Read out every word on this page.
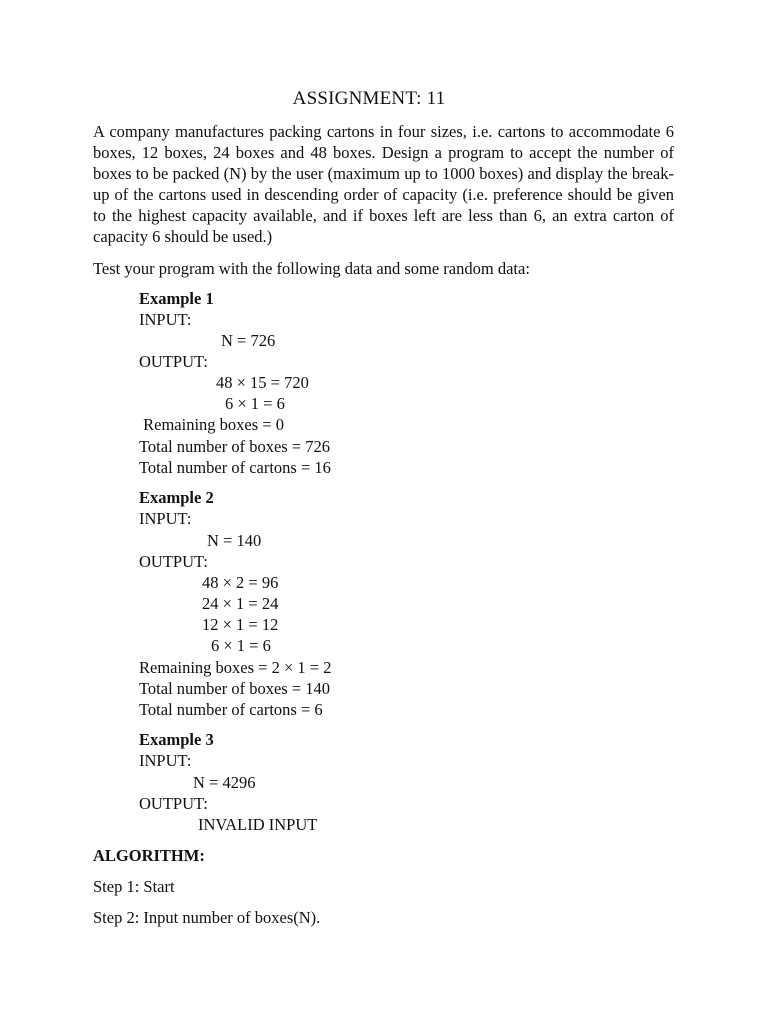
ASSIGNMENT: 11

A company manufactures packing cartons in four sizes, i.e. cartons to accommodate 6 boxes, 12 boxes, 24 boxes and 48 boxes. Design a program to accept the number of boxes to be packed (N) by the user (maximum up to 1000 boxes) and display the break-up of the cartons used in descending order of capacity (i.e. preference should be given to the highest capacity available, and if boxes left are less than 6, an extra carton of capacity 6 should be used.)

Test your program with the following data and some random data:

Example 1
INPUT:
N = 726
OUTPUT:
48 × 15 = 720
6 × 1 = 6
Remaining boxes = 0
Total number of boxes = 726
Total number of cartons = 16
Example 2
INPUT:
N = 140
OUTPUT:
48 × 2 = 96
24 × 1 = 24
12 × 1 = 12
6 × 1 = 6
Remaining boxes = 2 × 1 = 2
Total number of boxes = 140
Total number of cartons = 6
Example 3
INPUT:
N = 4296
OUTPUT:
INVALID INPUT
ALGORITHM:
Step 1: Start
Step 2: Input number of boxes(N).
